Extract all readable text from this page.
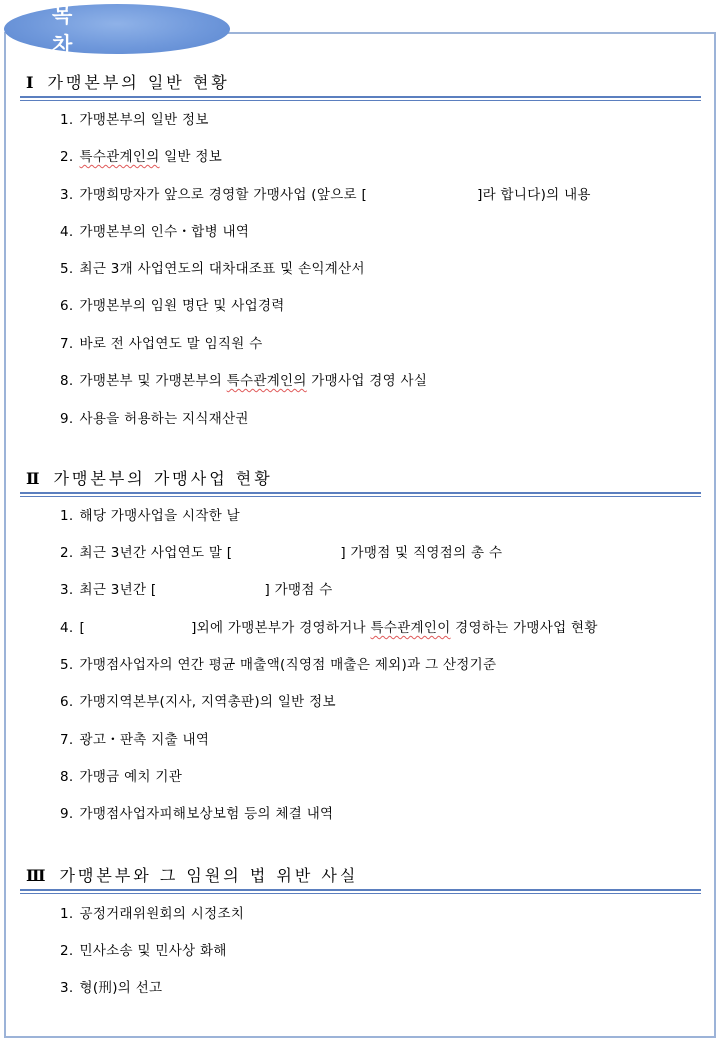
목 차
Ⅰ 가맹본부의 일반 현황
1. 가맹본부의 일반 정보
2. 특수관계인의 일반 정보
3. 가맹희망자가 앞으로 경영할 가맹사업 (앞으로 [	]라 합니다)의 내용
4. 가맹본부의 인수・합병 내역
5. 최근 3개 사업연도의 대차대조표 및 손익계산서
6. 가맹본부의 임원 명단 및 사업경력
7. 바로 전 사업연도 말 임직원 수
8. 가맹본부 및 가맹본부의 특수관계인의 가맹사업 경영 사실
9. 사용을 허용하는 지식재산권
Ⅱ 가맹본부의 가맹사업 현황
1. 해당 가맹사업을 시작한 날
2. 최근 3년간 사업연도 말 [	] 가맹점 및 직영점의 총 수
3. 최근 3년간 [	] 가맹점 수
4. [	]외에 가맹본부가 경영하거나 특수관계인이 경영하는 가맹사업 현황
5. 가맹점사업자의 연간 평균 매출액(직영점 매출은 제외)과 그 산정기준
6. 가맹지역본부(지사, 지역총판)의 일반 정보
7. 광고・판촉 지출 내역
8. 가맹금 예치 기관
9. 가맹점사업자피해보상보험 등의 체결 내역
Ⅲ 가맹본부와 그 임원의 법 위반 사실
1. 공정거래위원회의 시정조치
2. 민사소송 및 민사상 화해
3. 형(刑)의 선고
